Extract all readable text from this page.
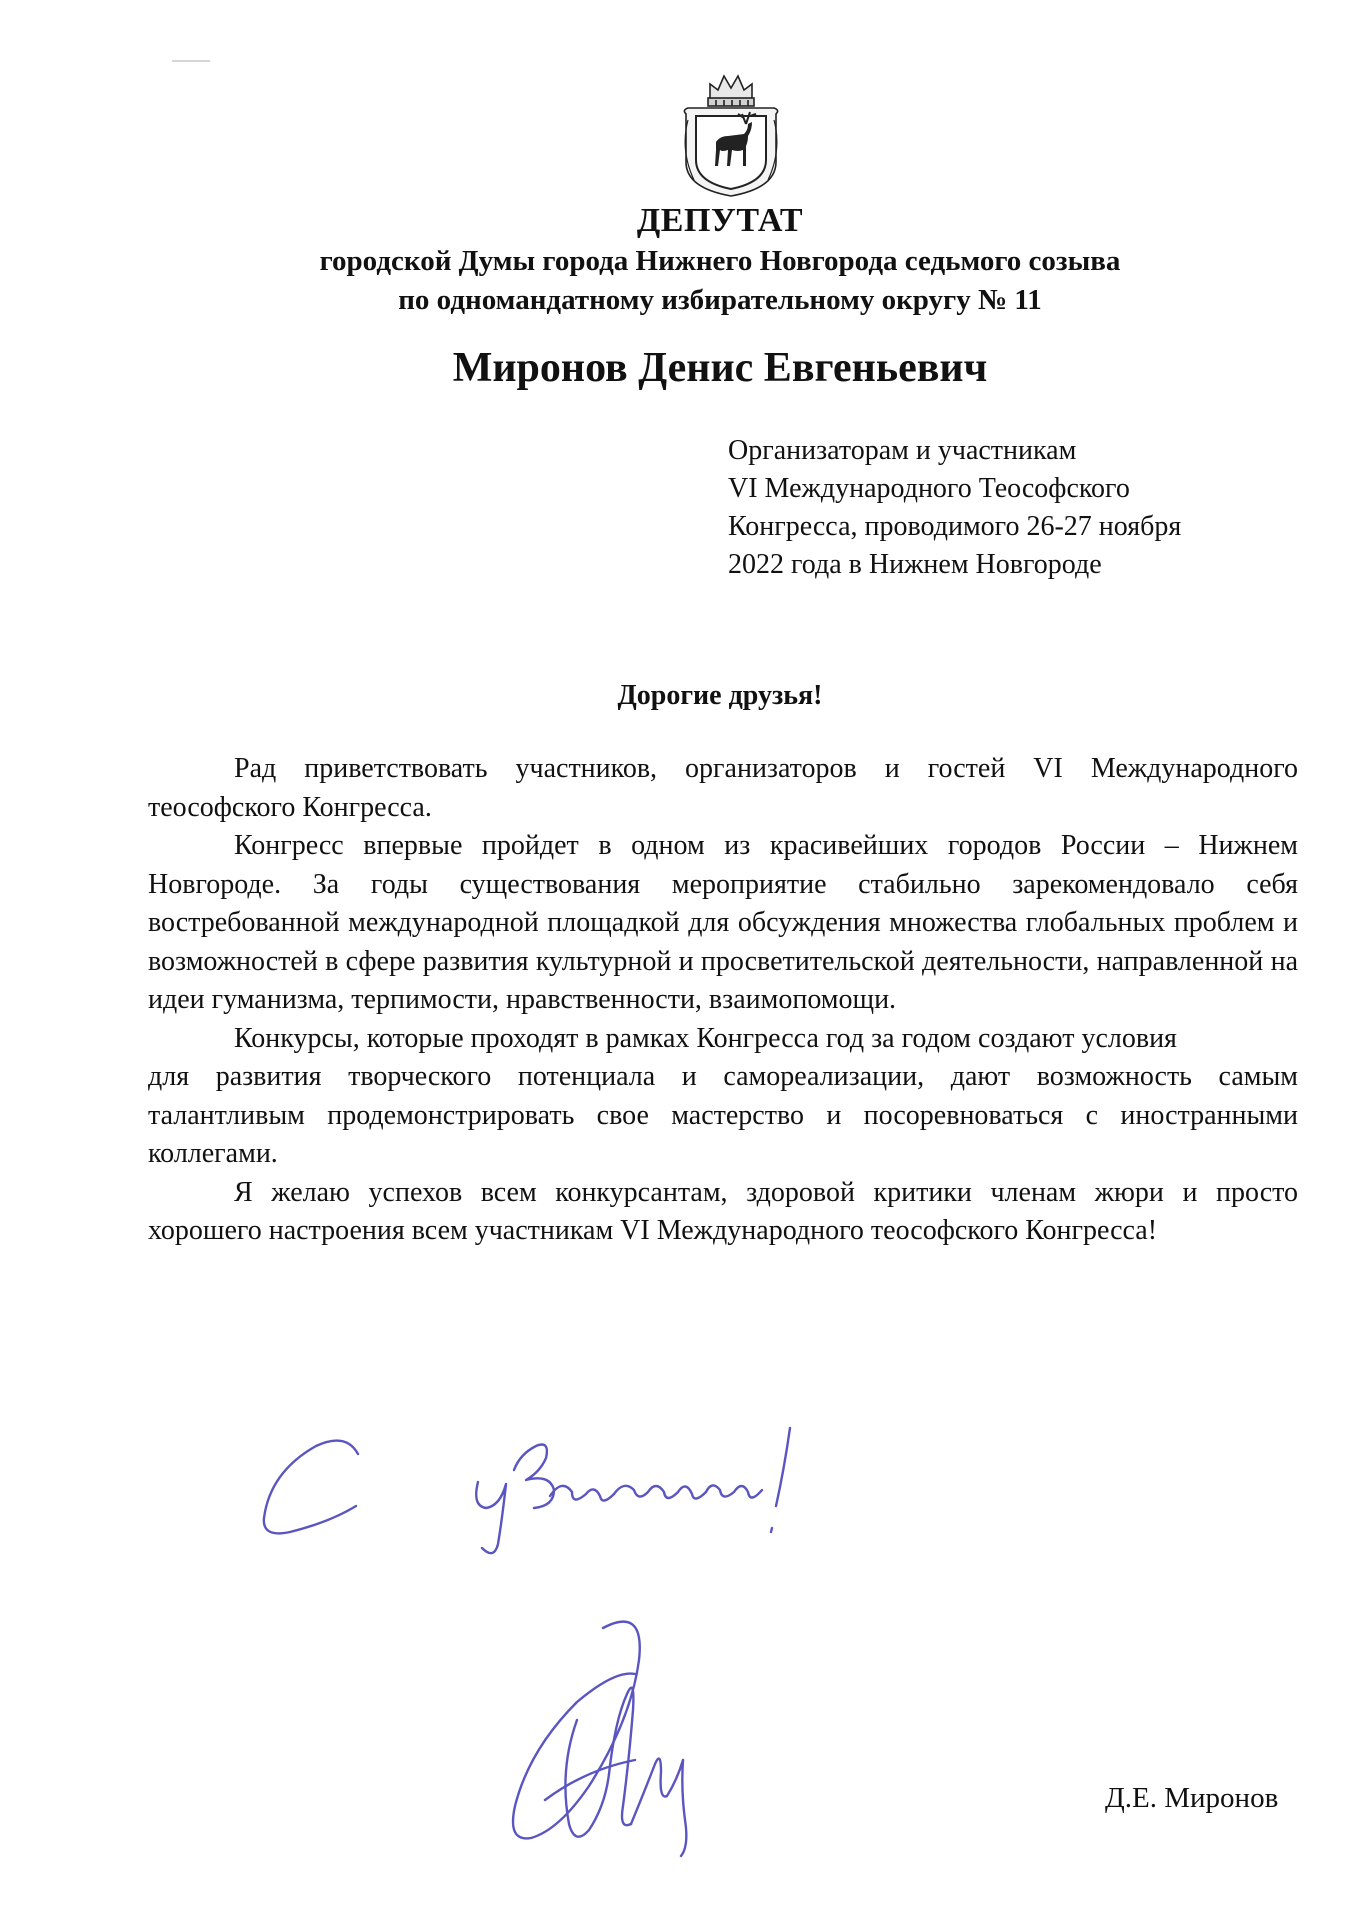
ДЕПУТАТ
городской Думы города Нижнего Новгорода седьмого созыва
по одномандатному избирательному округу № 11
Миронов Денис Евгеньевич
Организаторам и участникам
VI Международного Теософского
Конгресса, проводимого 26-27 ноября
2022 года в Нижнем Новгороде
Дорогие друзья!

Рад приветствовать участников, организаторов и гостей VI Международного теософского Конгресса.

Конгресс впервые пройдет в одном из красивейших городов России – Нижнем Новгороде. За годы существования мероприятие стабильно зарекомендовало себя востребованной международной площадкой для обсуждения множества глобальных проблем и возможностей в сфере развития культурной и просветительской деятельности, направленной на идеи гуманизма, терпимости, нравственности, взаимопомощи.

Конкурсы, которые проходят в рамках Конгресса год за годом создают условия

для развития творческого потенциала и самореализации, дают возможность самым талантливым продемонстрировать свое мастерство и посоревноваться с иностранными коллегами.

Я желаю успехов всем конкурсантам, здоровой критики членам жюри и просто хорошего настроения всем участникам VI Международного теософского Конгресса!

Д.Е. Миронов
